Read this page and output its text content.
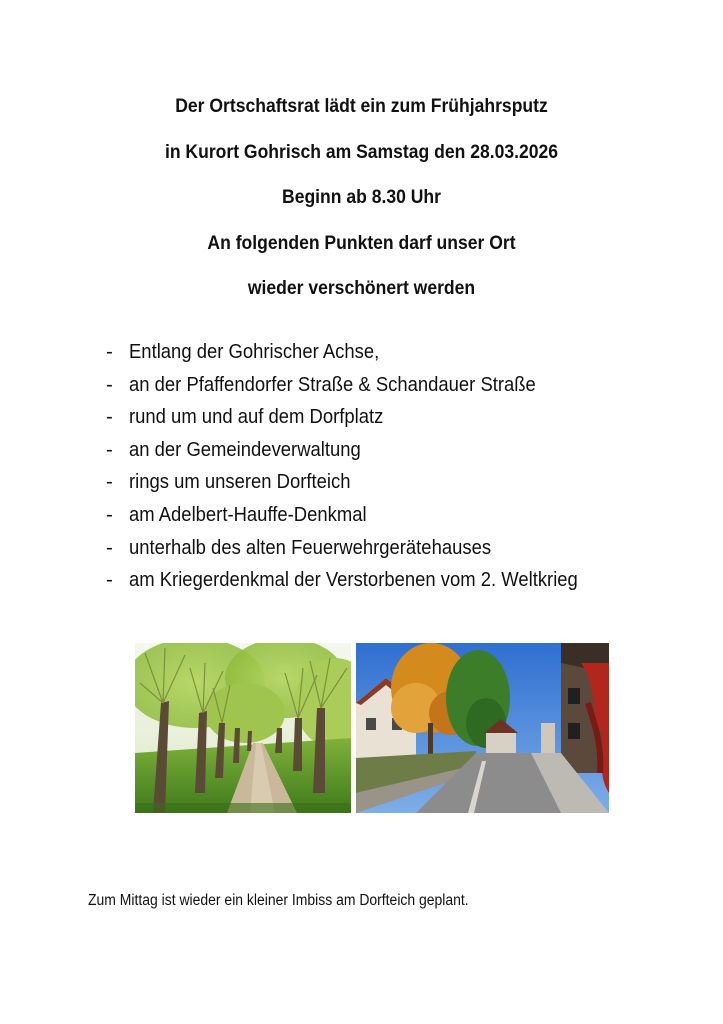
Der Ortschaftsrat lädt ein zum Frühjahrsputz
in Kurort Gohrisch am Samstag den 28.03.2026
Beginn ab 8.30 Uhr
An folgenden Punkten darf unser Ort
wieder verschönert werden
- Entlang der Gohrischer Achse,
- an der Pfaffendorfer Straße & Schandauer Straße
- rund um und auf dem Dorfplatz
- an der Gemeindeverwaltung
- rings um unseren Dorfteich
- am Adelbert-Hauffe-Denkmal
- unterhalb des alten Feuerwehrgerätehauses
- am Kriegerdenkmal der Verstorbenen vom 2. Weltkrieg
Zum Mittag ist wieder ein kleiner Imbiss am Dorfteich geplant.
